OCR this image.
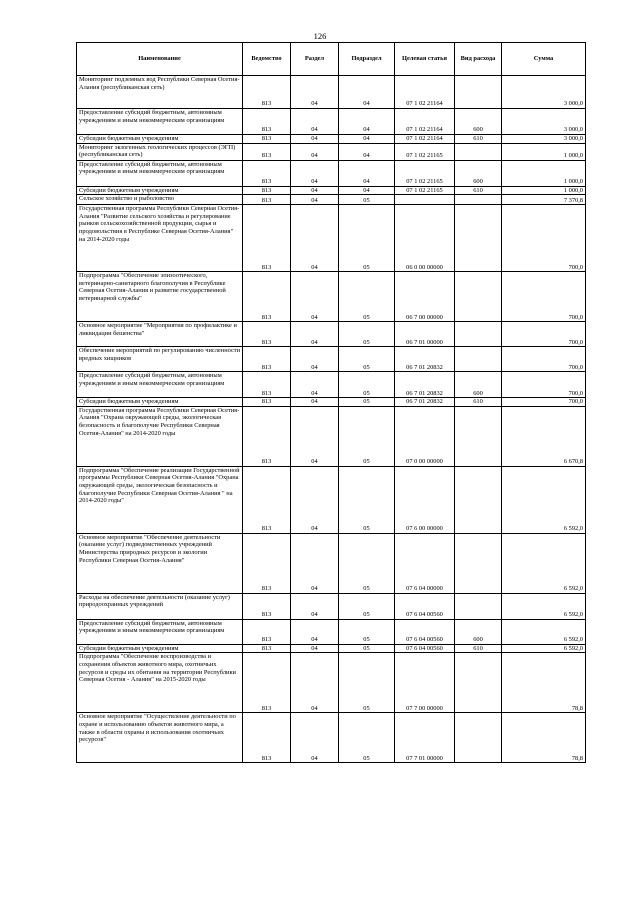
126
Наименование	Ведомство	Раздел	Подраздел	Целевая статья	Вид расхода	Сумма
Мониторинг подземных вод Республики Северная Осетия-Алания (республиканская сеть)	813	04	04	07 1 02 21164		3 000,0
Предоставление субсидий бюджетным, автономным учреждениям и иным некоммерческим организациям	813	04	04	07 1 02 21164	600	3 000,0
Субсидии бюджетным учреждениям	813	04	04	07 1 02 21164	610	3 000,0
Мониторинг экзогенных геологических процессов (ЭГП) (республиканская сеть)	813	04	04	07 1 02 21165		1 000,0
Предоставление субсидий бюджетным, автономным учреждениям и иным некоммерческим организациям	813	04	04	07 1 02 21165	600	1 000,0
Субсидии бюджетным учреждениям	813	04	04	07 1 02 21165	610	1 000,0
Сельское хозяйство и рыболовство	813	04	05			7 370,8
Государственная программа Республики Северная Осетия-Алания "Развитие сельского хозяйства и регулирование рынков сельскохозяйственной продукции, сырья и продовольствия в Республике Северная Осетия-Алания" на 2014-2020 годы	813	04	05	06 0 00 00000		700,0
Подпрограмма "Обеспечение эпизоотического, ветеринарно-санитарного благополучия в Республике Северная Осетия-Алания и развитие государственной ветеринарной службы"	813	04	05	06 7 00 00000		700,0
Основное мероприятие "Мероприятия по профилактике и ликвидации бешенства"	813	04	05	06 7 01 00000		700,0
Обеспечение мероприятий по регулированию численности вредных хищников	813	04	05	06 7 01 20832		700,0
Предоставление субсидий бюджетным, автономным учреждениям и иным некоммерческим организациям	813	04	05	06 7 01 20832	600	700,0
Субсидии бюджетным учреждениям	813	04	05	06 7 01 20832	610	700,0
Государственная программа Республики Северная Осетия-Алания "Охрана окружающей среды, экологическая безопасность и благополучие Республики Северная Осетия-Алания" на 2014-2020 годы	813	04	05	07 0 00 00000		6 670,8
Подпрограмма "Обеспечение реализации Государственной программы Республики Северная Осетия-Алания "Охрана окружающей среды, экологическая безопасность и благополучие Республики Северная Осетия-Алания " на 2014-2020 годы"	813	04	05	07 6 00 00000		6 592,0
Основное мероприятие "Обеспечение деятельности (оказание услуг) подведомственных учреждений Министерства природных ресурсов и экологии Республики Северная Осетия-Алания"	813	04	05	07 6 04 00000		6 592,0
Расходы на обеспечение деятельности (оказание услуг) природоохранных учреждений	813	04	05	07 6 04 00560		6 592,0
Предоставление субсидий бюджетным, автономным учреждениям и иным некоммерческим организациям	813	04	05	07 6 04 00560	600	6 592,0
Субсидии бюджетным учреждениям	813	04	05	07 6 04 00560	610	6 592,0
Подпрограмма "Обеспечение воспроизводства и сохранения объектов животного мира, охотничьих ресурсов и среды их обитания на территории Республики Северная Осетия - Алания" на 2015-2020 годы	813	04	05	07 7 00 00000		78,8
Основное мероприятие "Осуществление деятельности по охране и использованию объектов животного мира, а также в области охраны и использования охотничьих ресурсов"	813	04	05	07 7 01 00000		78,8
